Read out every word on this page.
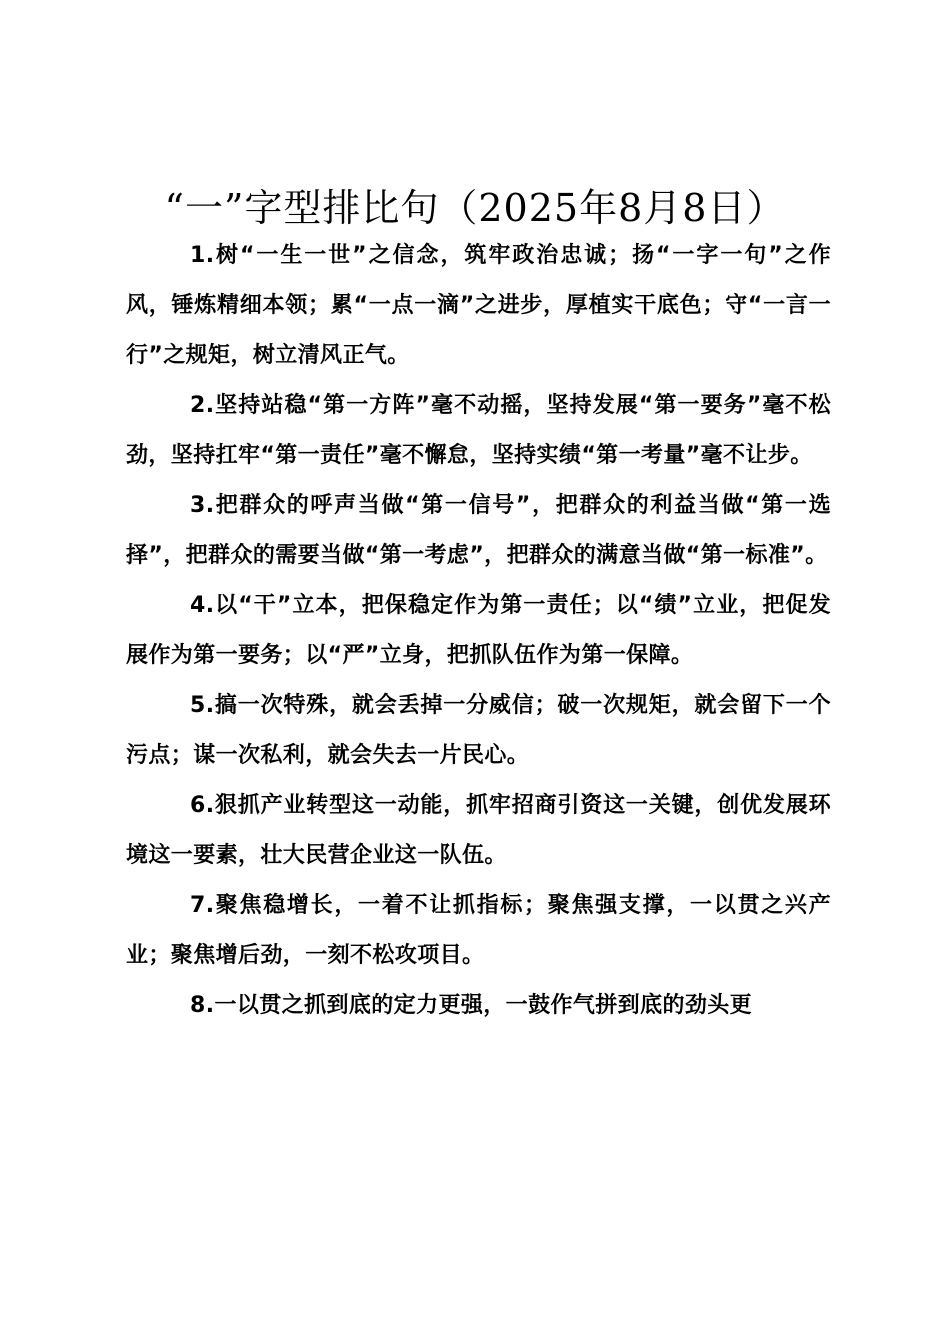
“一”字型排比句（2025年8月8日）

1.树“一生一世”之信念，筑牢政治忠诚；扬“一字一句”之作风，锤炼精细本领；累“一点一滴”之进步，厚植实干底色；守“一言一行”之规矩，树立清风正气。

2.坚持站稳“第一方阵”毫不动摇，坚持发展“第一要务”毫不松劲，坚持扛牢“第一责任”毫不懈怠，坚持实绩“第一考量”毫不让步。

3.把群众的呼声当做“第一信号”，把群众的利益当做“第一选择”，把群众的需要当做“第一考虑”，把群众的满意当做“第一标准”。

4.以“干”立本，把保稳定作为第一责任；以“绩”立业，把促发展作为第一要务；以“严”立身，把抓队伍作为第一保障。

5.搞一次特殊，就会丢掉一分威信；破一次规矩，就会留下一个污点；谋一次私利，就会失去一片民心。

6.狠抓产业转型这一动能，抓牢招商引资这一关键，创优发展环境这一要素，壮大民营企业这一队伍。

7.聚焦稳增长，一着不让抓指标；聚焦强支撑，一以贯之兴产业；聚焦增后劲，一刻不松攻项目。

8.一以贯之抓到底的定力更强，一鼓作气拼到底的劲头更
